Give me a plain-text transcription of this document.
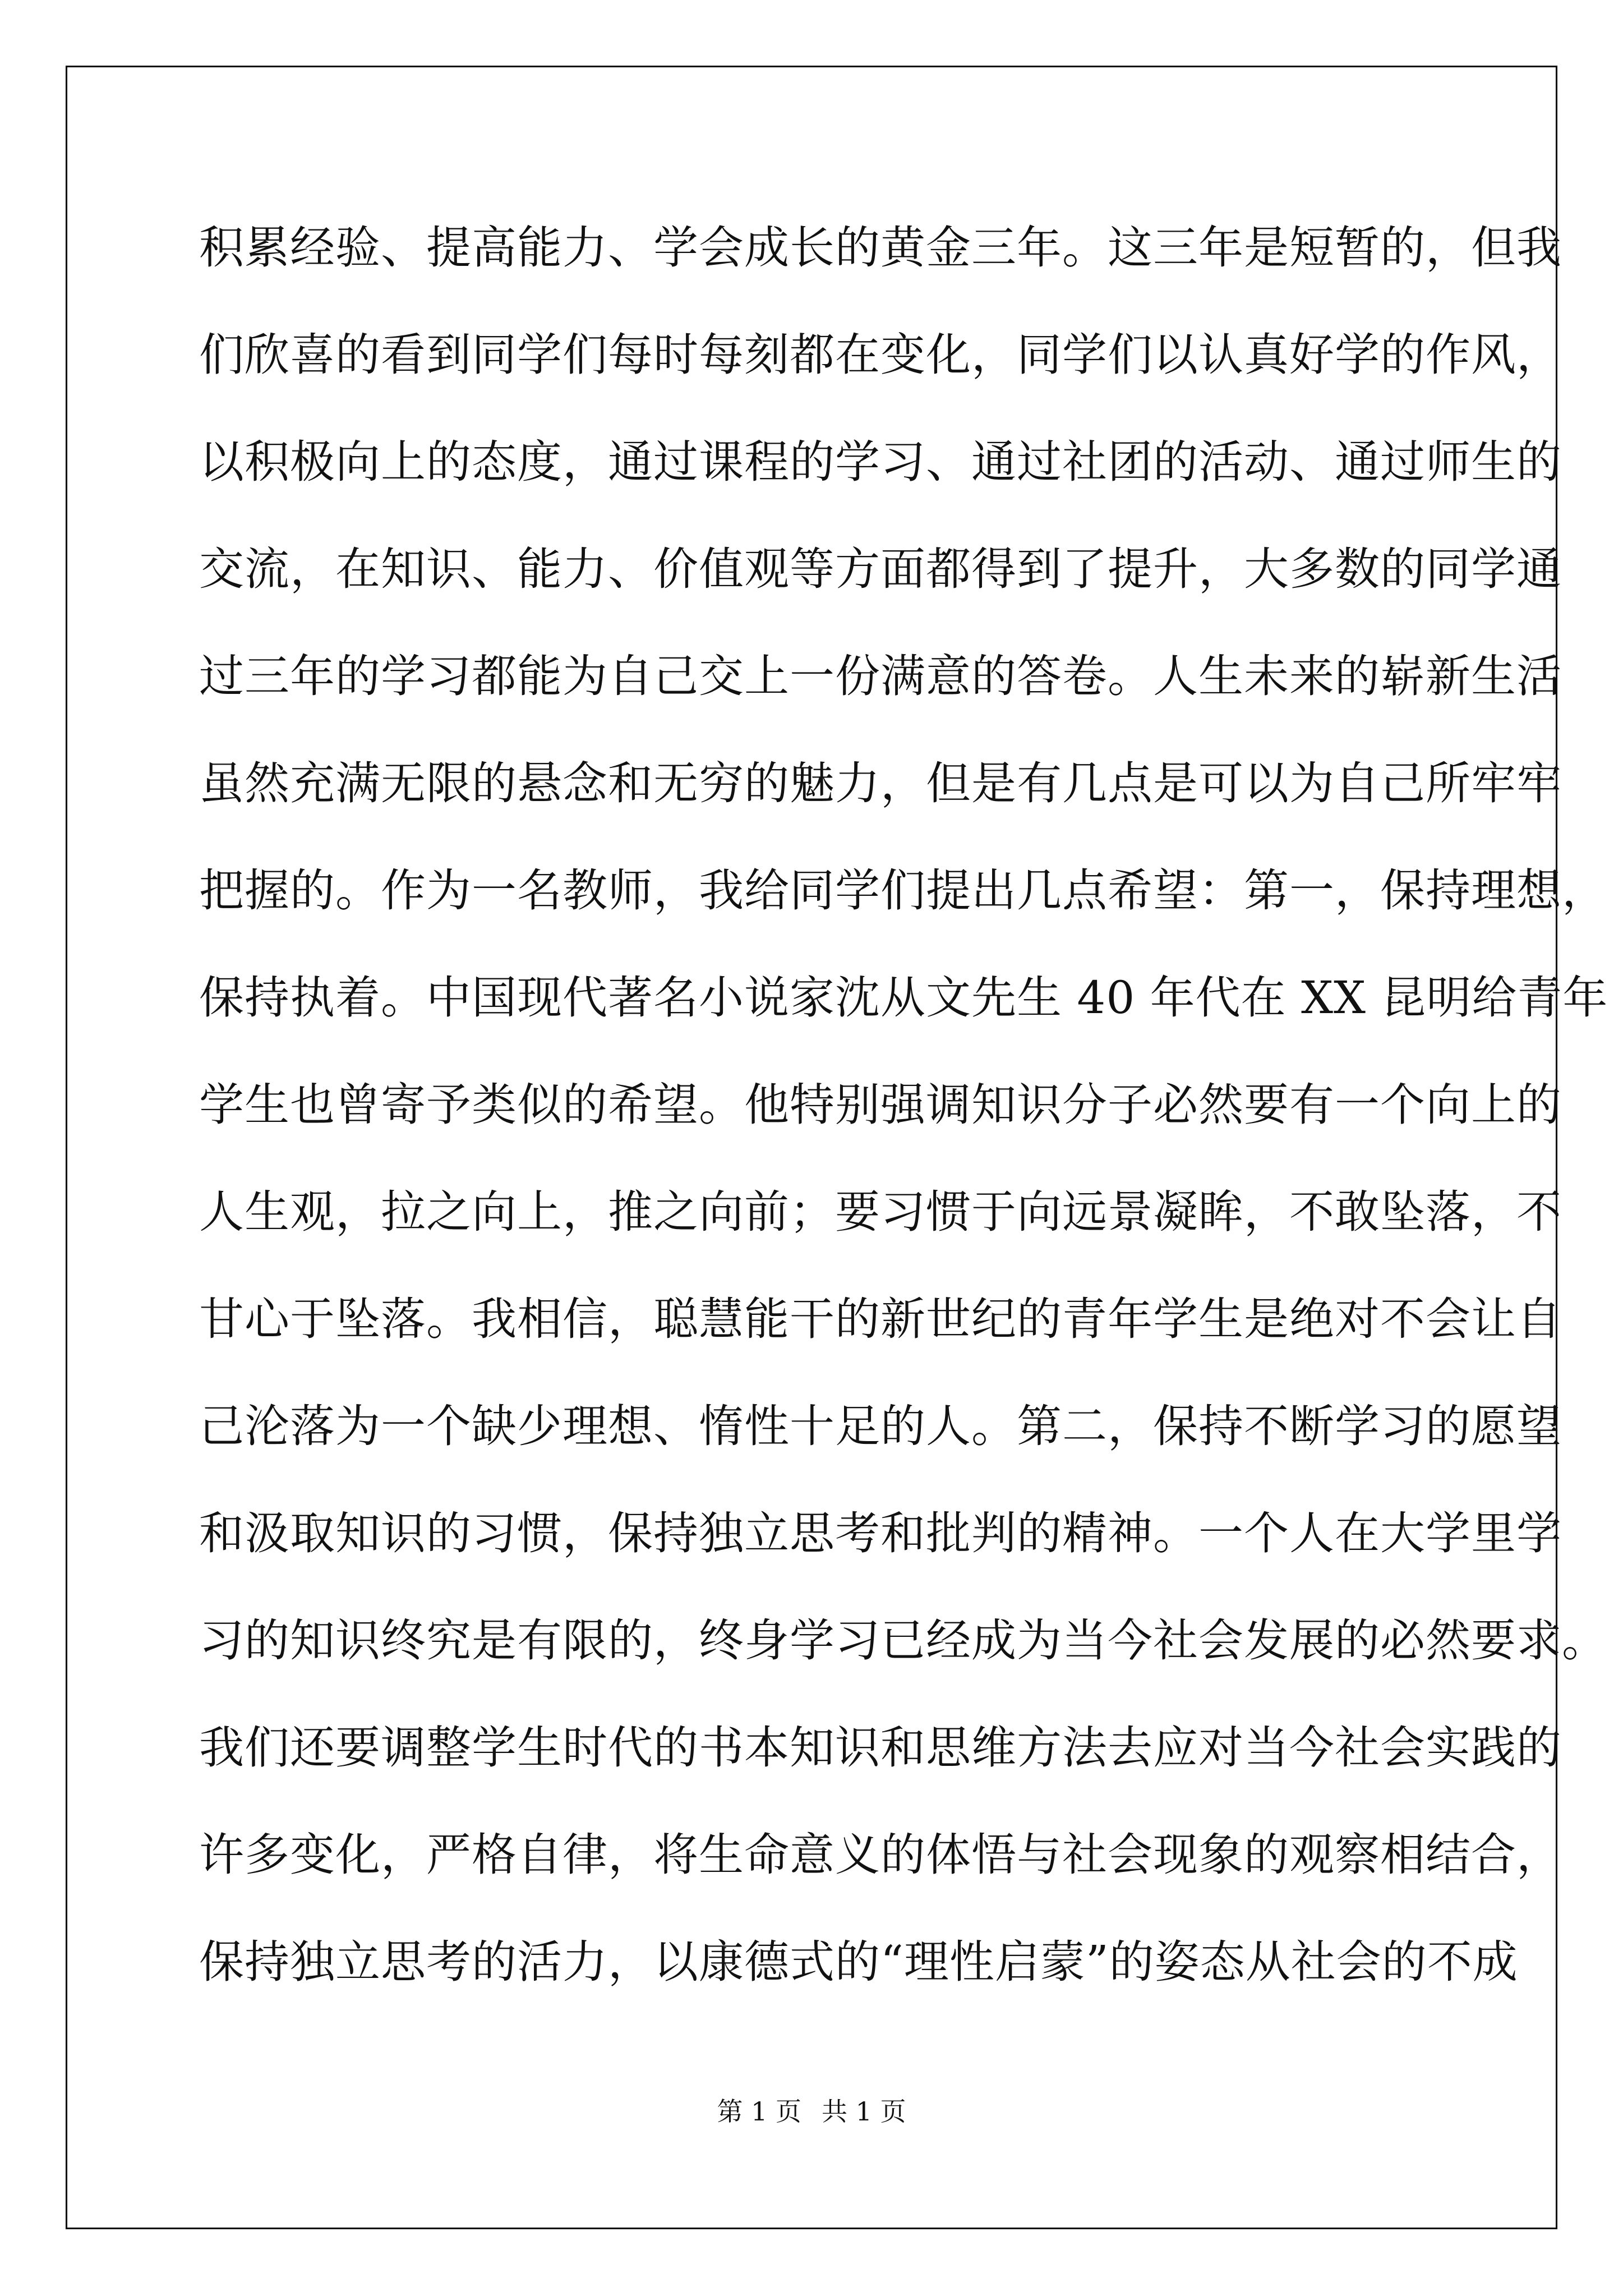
积累经验、提高能力、学会成长的黄金三年。这三年是短暂的，但我
们欣喜的看到同学们每时每刻都在变化，同学们以认真好学的作风，
以积极向上的态度，通过课程的学习、通过社团的活动、通过师生的
交流，在知识、能力、价值观等方面都得到了提升，大多数的同学通
过三年的学习都能为自己交上一份满意的答卷。人生未来的崭新生活
虽然充满无限的悬念和无穷的魅力，但是有几点是可以为自己所牢牢
把握的。作为一名教师，我给同学们提出几点希望：第一，保持理想，
保持执着。中国现代著名小说家沈从文先生 40 年代在 XX 昆明给青年
学生也曾寄予类似的希望。他特别强调知识分子必然要有一个向上的
人生观，拉之向上，推之向前；要习惯于向远景凝眸，不敢坠落，不
甘心于坠落。我相信，聪慧能干的新世纪的青年学生是绝对不会让自
己沦落为一个缺少理想、惰性十足的人。第二，保持不断学习的愿望
和汲取知识的习惯，保持独立思考和批判的精神。一个人在大学里学
习的知识终究是有限的，终身学习已经成为当今社会发展的必然要求。
我们还要调整学生时代的书本知识和思维方法去应对当今社会实践的
许多变化，严格自律，将生命意义的体悟与社会现象的观察相结合，
保持独立思考的活力，以康德式的“理性启蒙”的姿态从社会的不成
第 1 页 共 1 页
